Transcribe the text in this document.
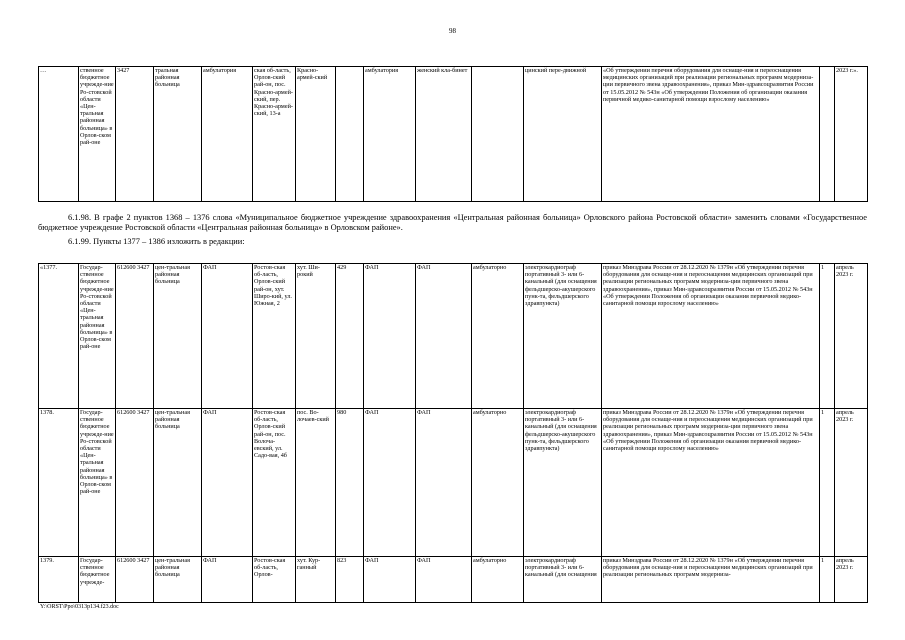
98
…	ственное бюджетное учрежде-ние Ро-стовской области «Цен-тральная районная больница» в Орлов-ском рай-оне	3427	тральная районная больница	амбулатория	ская об-ласть, Орлов-ский рай-он, пос. Красно-армей-ский, пер. Красно-армей-ский, 13-а	Красно-армей-ский		амбулатория	женский кла-бинет		цинский пере-движной	«Об утверждении перечня оборудования для оснаще-ния и переоснащения медицинских организаций при реализации региональных программ модерниза-ции первичного звена здравоохранения», приказ Мин-здравсоцразвития России от 15.05.2012 № 543н «Об утверждении Положения об организации оказания первичной медико-санитарной помощи взрослому населению»		2023 г.».
6.1.98. В графе 2 пунктов 1368 – 1376 слова «Муниципальное бюджетное учреждение здравоохранения «Центральная районная больница» Орловского района Ростовской области» заменить словами «Государственное бюджетное учреждение Ростовской области «Центральная районная больница» в Орловском районе».
6.1.99. Пункты 1377 – 1386 изложить в редакции:
«1377.	Государ-ственное бюджетное учрежде-ние Ро-стовской области «Цен-тральная районная больница» в Орлов-ском рай-оне	612600 3427	цен-тральная районная больница	ФАП	Ростов-ская об-ласть, Орлов-ский рай-он, хут. Широ-кий, ул. Южная, 2	хут. Ши-рокий	429	ФАП	ФАП	амбулаторно	электрокардиограф портативный 3- или 6-канальный (для оснащения фельдшерско-акушерского пунк-та, фельдшерского здравпункта)	приказ Минздрава России от 28.12.2020 № 1379н «Об утверждении перечня оборудования для оснаще-ния и переоснащения медицинских организаций при реализации региональных программ модерниза-ции первичного звена здравоохранения», приказ Мин-здравсоцразвития России от 15.05.2012 № 543н «Об утверждении Положения об организации оказания первичной медико-санитарной помощи взрослому населению»	1	апрель 2023 г.
1378.	Государ-ственное бюджетное учрежде-ние Ро-стовской области «Цен-тральная районная больница» в Орлов-ском рай-оне	612600 3427	цен-тральная районная больница	ФАП	Ростов-ская об-ласть, Орлов-ский рай-он, пос. Волоча-евский, ул. Садо-вая, 4б	пос. Во-лочаев-ский	980	ФАП	ФАП	амбулаторно	электрокардиограф портативный 3- или 6-канальный (для оснащения фельдшерско-акушерского пунк-та, фельдшерского здравпункта)	приказ Минздрава России от 28.12.2020 № 1379н «Об утверждении перечня оборудования для оснаще-ния и переоснащения медицинских организаций при реализации региональных программ модерниза-ции первичного звена здравоохранения», приказ Мин-здравсоцразвития России от 15.05.2012 № 543н «Об утверждении Положения об организации оказания первичной медико-санитарной помощи взрослому населению»	1	апрель 2023 г.
1379.	Государ-ственное бюджетное учрежде-	612600 3427	цен-тральная районная больница	ФАП	Ростов-ская об-ласть, Орлов-	хут. Кур-ганный	823	ФАП	ФАП	амбулаторно	электрокардиограф портативный 3- или 6-канальный (для оснащения	приказ Минздрава России от 28.12.2020 № 1379н «Об утверждении перечня оборудования для оснаще-ния и переоснащения медицинских организаций при реализации региональных программ модерниза-	1	апрель 2023 г.
Y:\ORST\Ppo\0313p134.f23.doc
